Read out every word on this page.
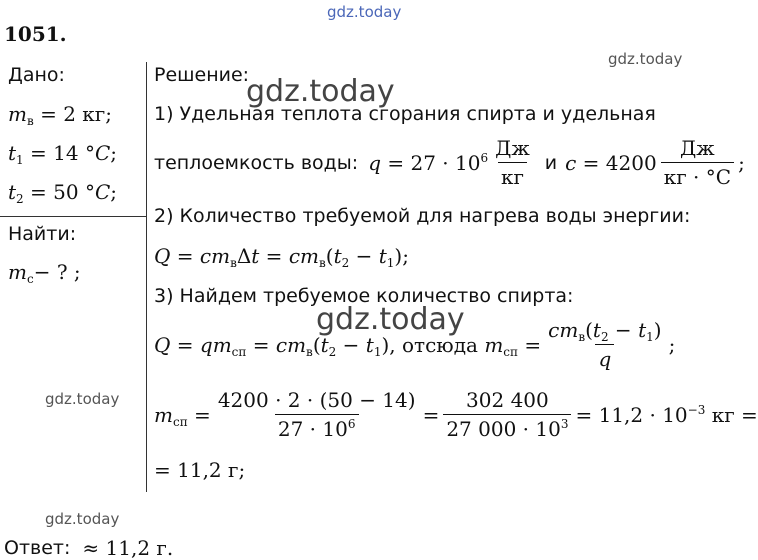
gdz.today
gdz.today
gdz.today
gdz.today
gdz.today
gdz.today
1051.
Дано:
$m_в = 2$ кг;
$t_1 = 14$ °C;
$t_2 = 50$ °C;
Найти:
$m_с-$ ? ;
Решение:
1) Удельная теплота сгорания спирта и удельная
теплоемкость воды: $q = 27 \cdot 10^6 \frac{Дж}{кг}$ и $c = 4200 \frac{Дж}{кг \cdot ^\circ C}$ ;
2) Количество требуемой для нагрева воды энергии:
$Q = cm_в\Delta t = cm_в(t_2 - t_1)$;
3) Найдем требуемое количество спирта:
$Q = qm_{сп} = cm_в(t_2 - t_1)$, отсюда $m_{сп} = \frac{cm_в(t_2 - t_1)}{q}$ ;
$m_{сп} = \frac{4200 \cdot 2 \cdot (50 - 14)}{27 \cdot 10^6} = \frac{302 400}{27 000 \cdot 10^3} = 11,2 \cdot 10^{-3}$ кг =
= 11,2 г;
Ответ: ≈ 11,2 г.
